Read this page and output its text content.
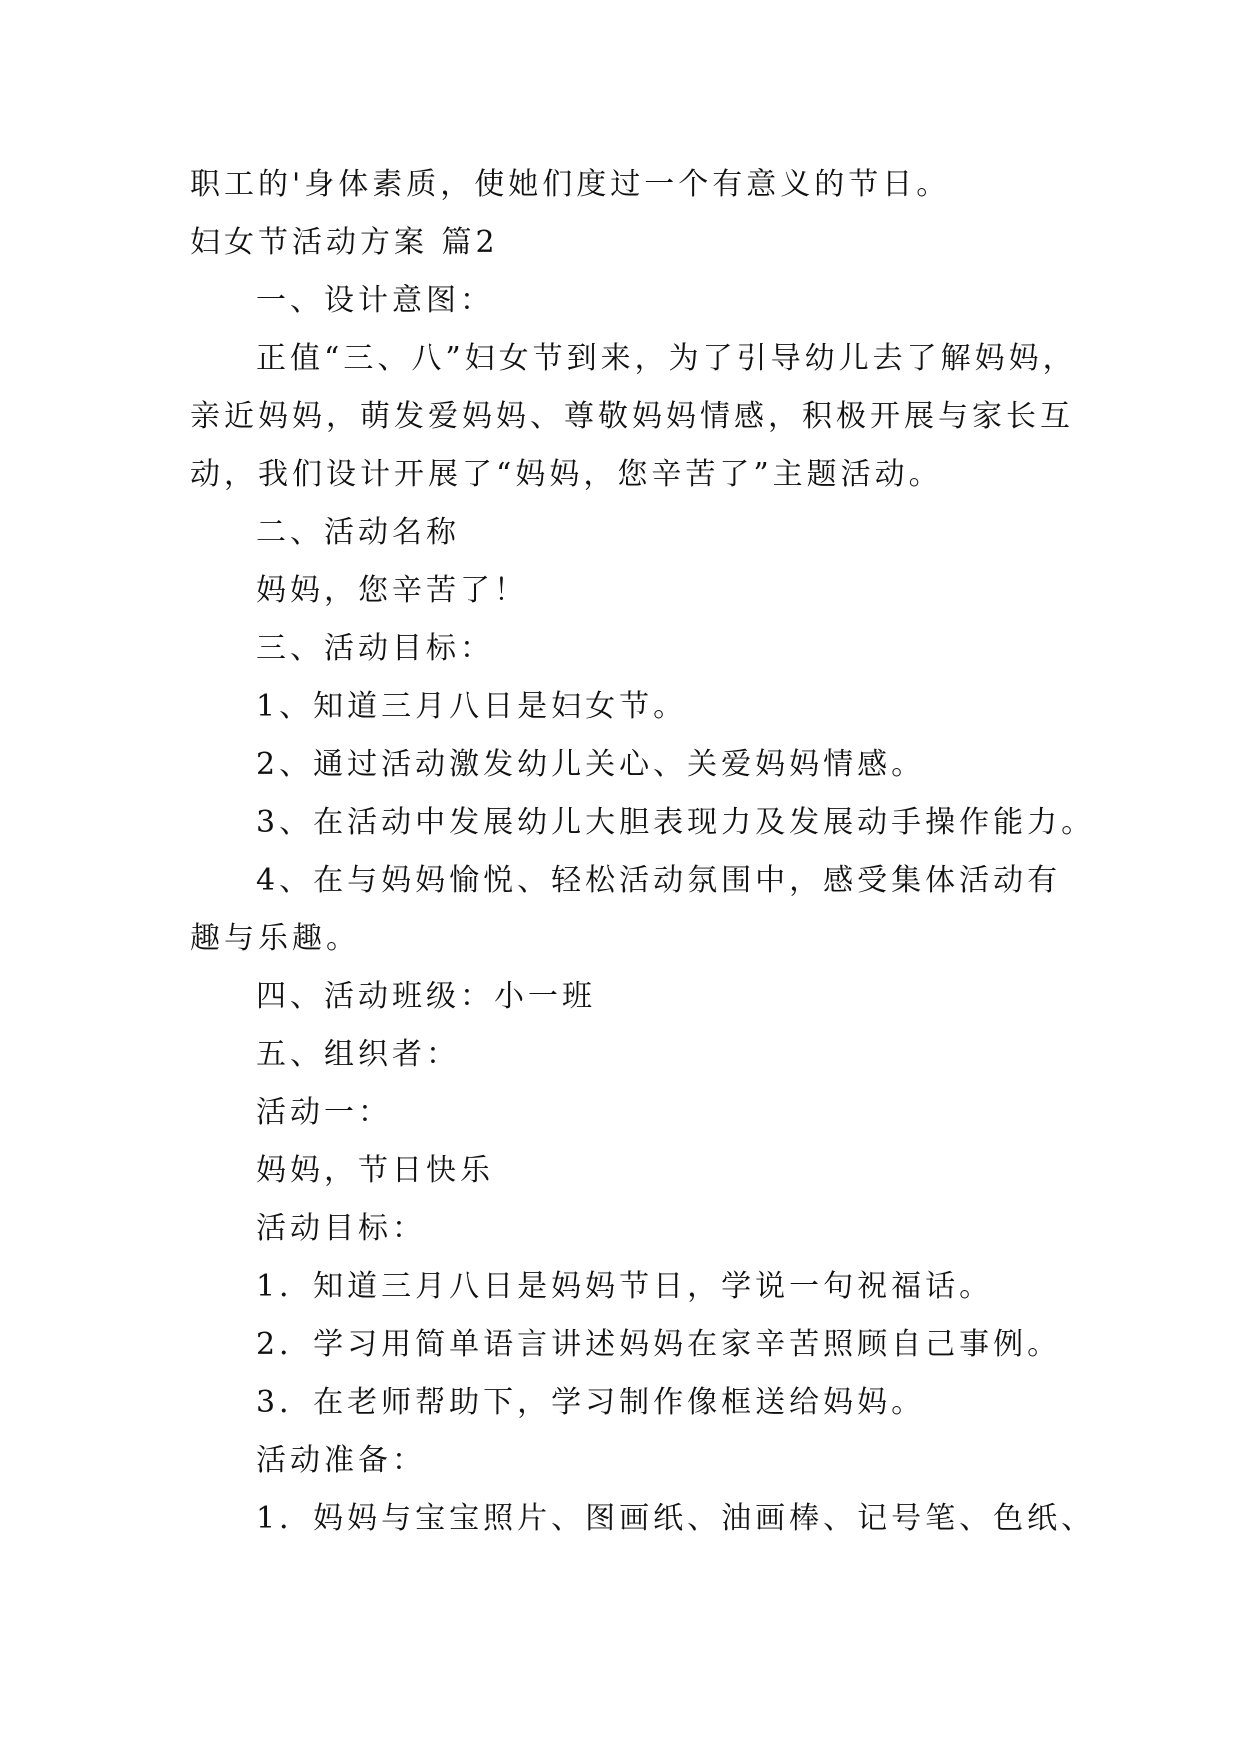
职工的'身体素质，使她们度过一个有意义的节日。
妇女节活动方案 篇2
一、设计意图：
正值“三、八”妇女节到来，为了引导幼儿去了解妈妈，
亲近妈妈，萌发爱妈妈、尊敬妈妈情感，积极开展与家长互
动，我们设计开展了“妈妈，您辛苦了”主题活动。
二、活动名称
妈妈，您辛苦了！
三、活动目标：
1、知道三月八日是妇女节。
2、通过活动激发幼儿关心、关爱妈妈情感。
3、在活动中发展幼儿大胆表现力及发展动手操作能力。
4、在与妈妈愉悦、轻松活动氛围中，感受集体活动有
趣与乐趣。
四、活动班级：小一班
五、组织者：
活动一：
妈妈，节日快乐
活动目标：
1．知道三月八日是妈妈节日，学说一句祝福话。
2．学习用简单语言讲述妈妈在家辛苦照顾自己事例。
3．在老师帮助下，学习制作像框送给妈妈。
活动准备：
1．妈妈与宝宝照片、图画纸、油画棒、记号笔、色纸、
